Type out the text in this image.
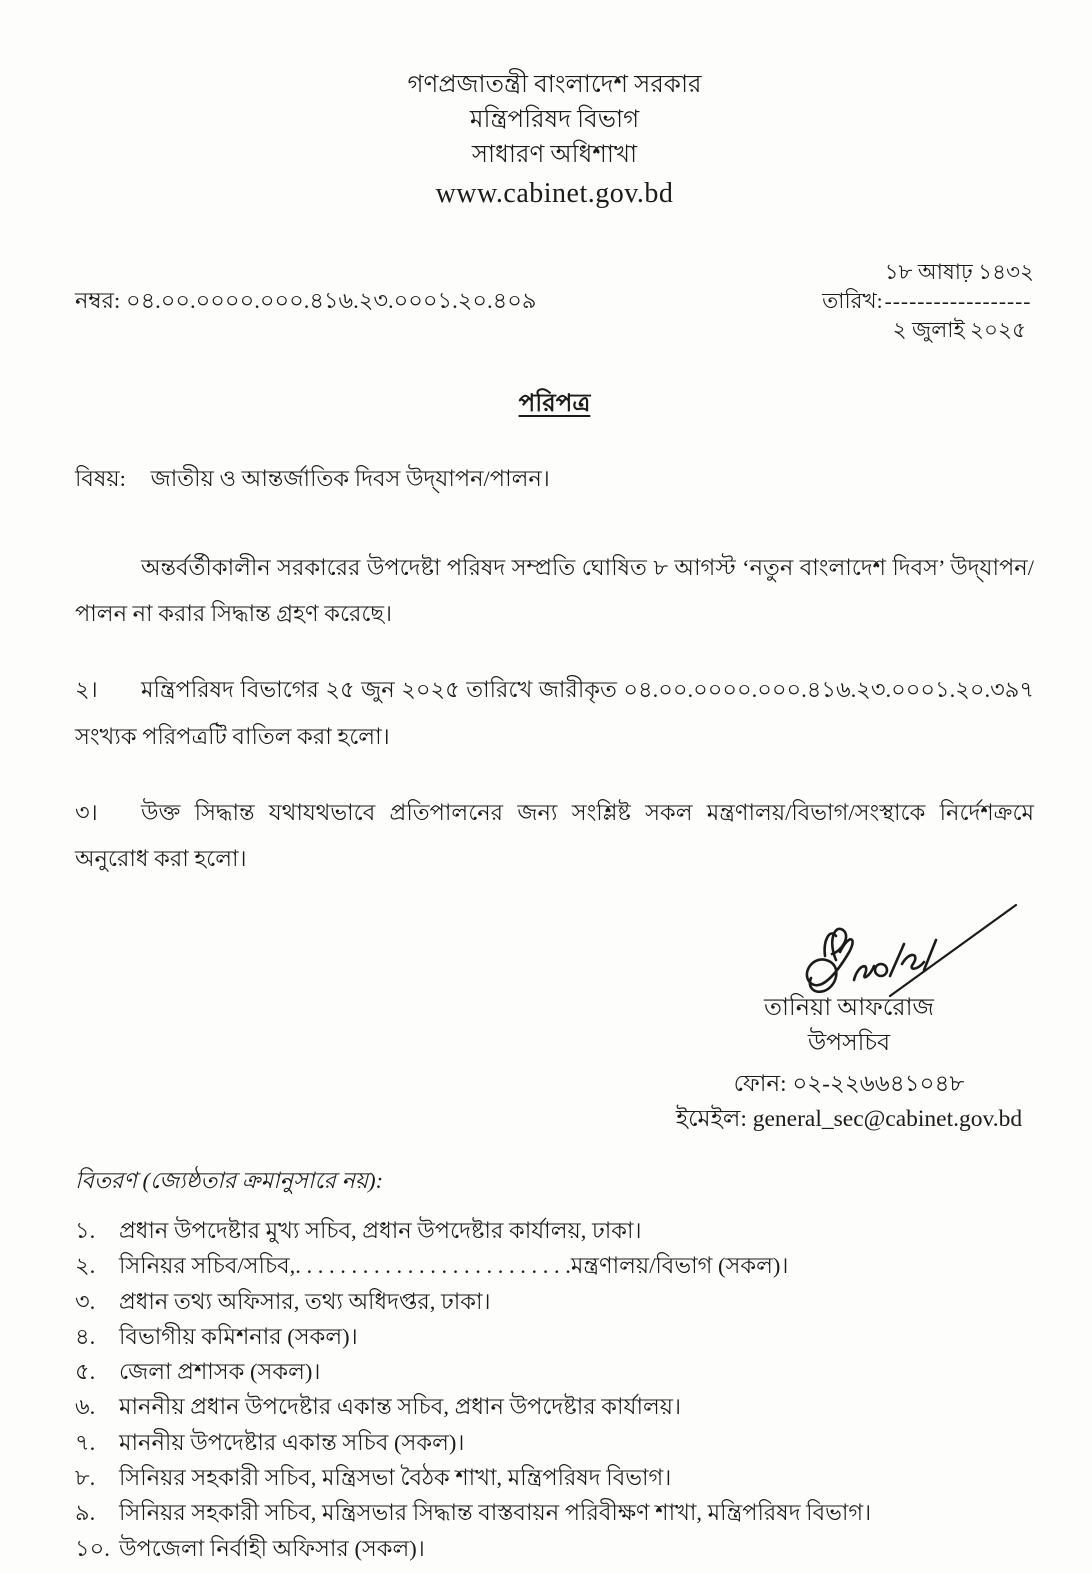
গণপ্রজাতন্ত্রী বাংলাদেশ সরকার
মন্ত্রিপরিষদ বিভাগ
সাধারণ অধিশাখা
www.cabinet.gov.bd
নম্বর: ০৪.০০.০০০০.০০০.৪১৬.২৩.০০০১.২০.৪০৯	তারিখ:
১৮ আষাঢ় ১৪৩২
------------------
২ জুলাই ২০২৫
পরিপত্র
বিষয়: জাতীয় ও আন্তর্জাতিক দিবস উদ্‌যাপন/পালন।

অন্তর্বর্তীকালীন সরকারের উপদেষ্টা পরিষদ সম্প্রতি ঘোষিত ৮ আগস্ট ‘নতুন বাংলাদেশ দিবস’ উদ্‌যাপন/পালন না করার সিদ্ধান্ত গ্রহণ করেছে।

২। মন্ত্রিপরিষদ বিভাগের ২৫ জুন ২০২৫ তারিখে জারীকৃত ০৪.০০.০০০০.০০০.৪১৬.২৩.০০০১.২০.৩৯৭ সংখ্যক পরিপত্রটি বাতিল করা হলো।

৩। উক্ত সিদ্ধান্ত যথাযথভাবে প্রতিপালনের জন্য সংশ্লিষ্ট সকল মন্ত্রণালয়/বিভাগ/সংস্থাকে নির্দেশক্রমে অনুরোধ করা হলো।

তানিয়া আফরোজ
উপসচিব
ফোন: ০২-২২৬৬৪১০৪৮
ইমেইল: general_sec@cabinet.gov.bd
বিতরণ (জ্যেষ্ঠতার ক্রমানুসারে নয়):
১.	প্রধান উপদেষ্টার মুখ্য সচিব, প্রধান উপদেষ্টার কার্যালয়, ঢাকা।
২.	সিনিয়র সচিব/সচিব,. . . . . . . . . . . . . . . . . . . . . . . . .মন্ত্রণালয়/বিভাগ (সকল)।
৩.	প্রধান তথ্য অফিসার, তথ্য অধিদপ্তর, ঢাকা।
৪.	বিভাগীয় কমিশনার (সকল)।
৫.	জেলা প্রশাসক (সকল)।
৬.	মাননীয় প্রধান উপদেষ্টার একান্ত সচিব, প্রধান উপদেষ্টার কার্যালয়।
৭.	মাননীয় উপদেষ্টার একান্ত সচিব (সকল)।
৮.	সিনিয়র সহকারী সচিব, মন্ত্রিসভা বৈঠক শাখা, মন্ত্রিপরিষদ বিভাগ।
৯.	সিনিয়র সহকারী সচিব, মন্ত্রিসভার সিদ্ধান্ত বাস্তবায়ন পরিবীক্ষণ শাখা, মন্ত্রিপরিষদ বিভাগ।
১০. উপজেলা নির্বাহী অফিসার (সকল)।
